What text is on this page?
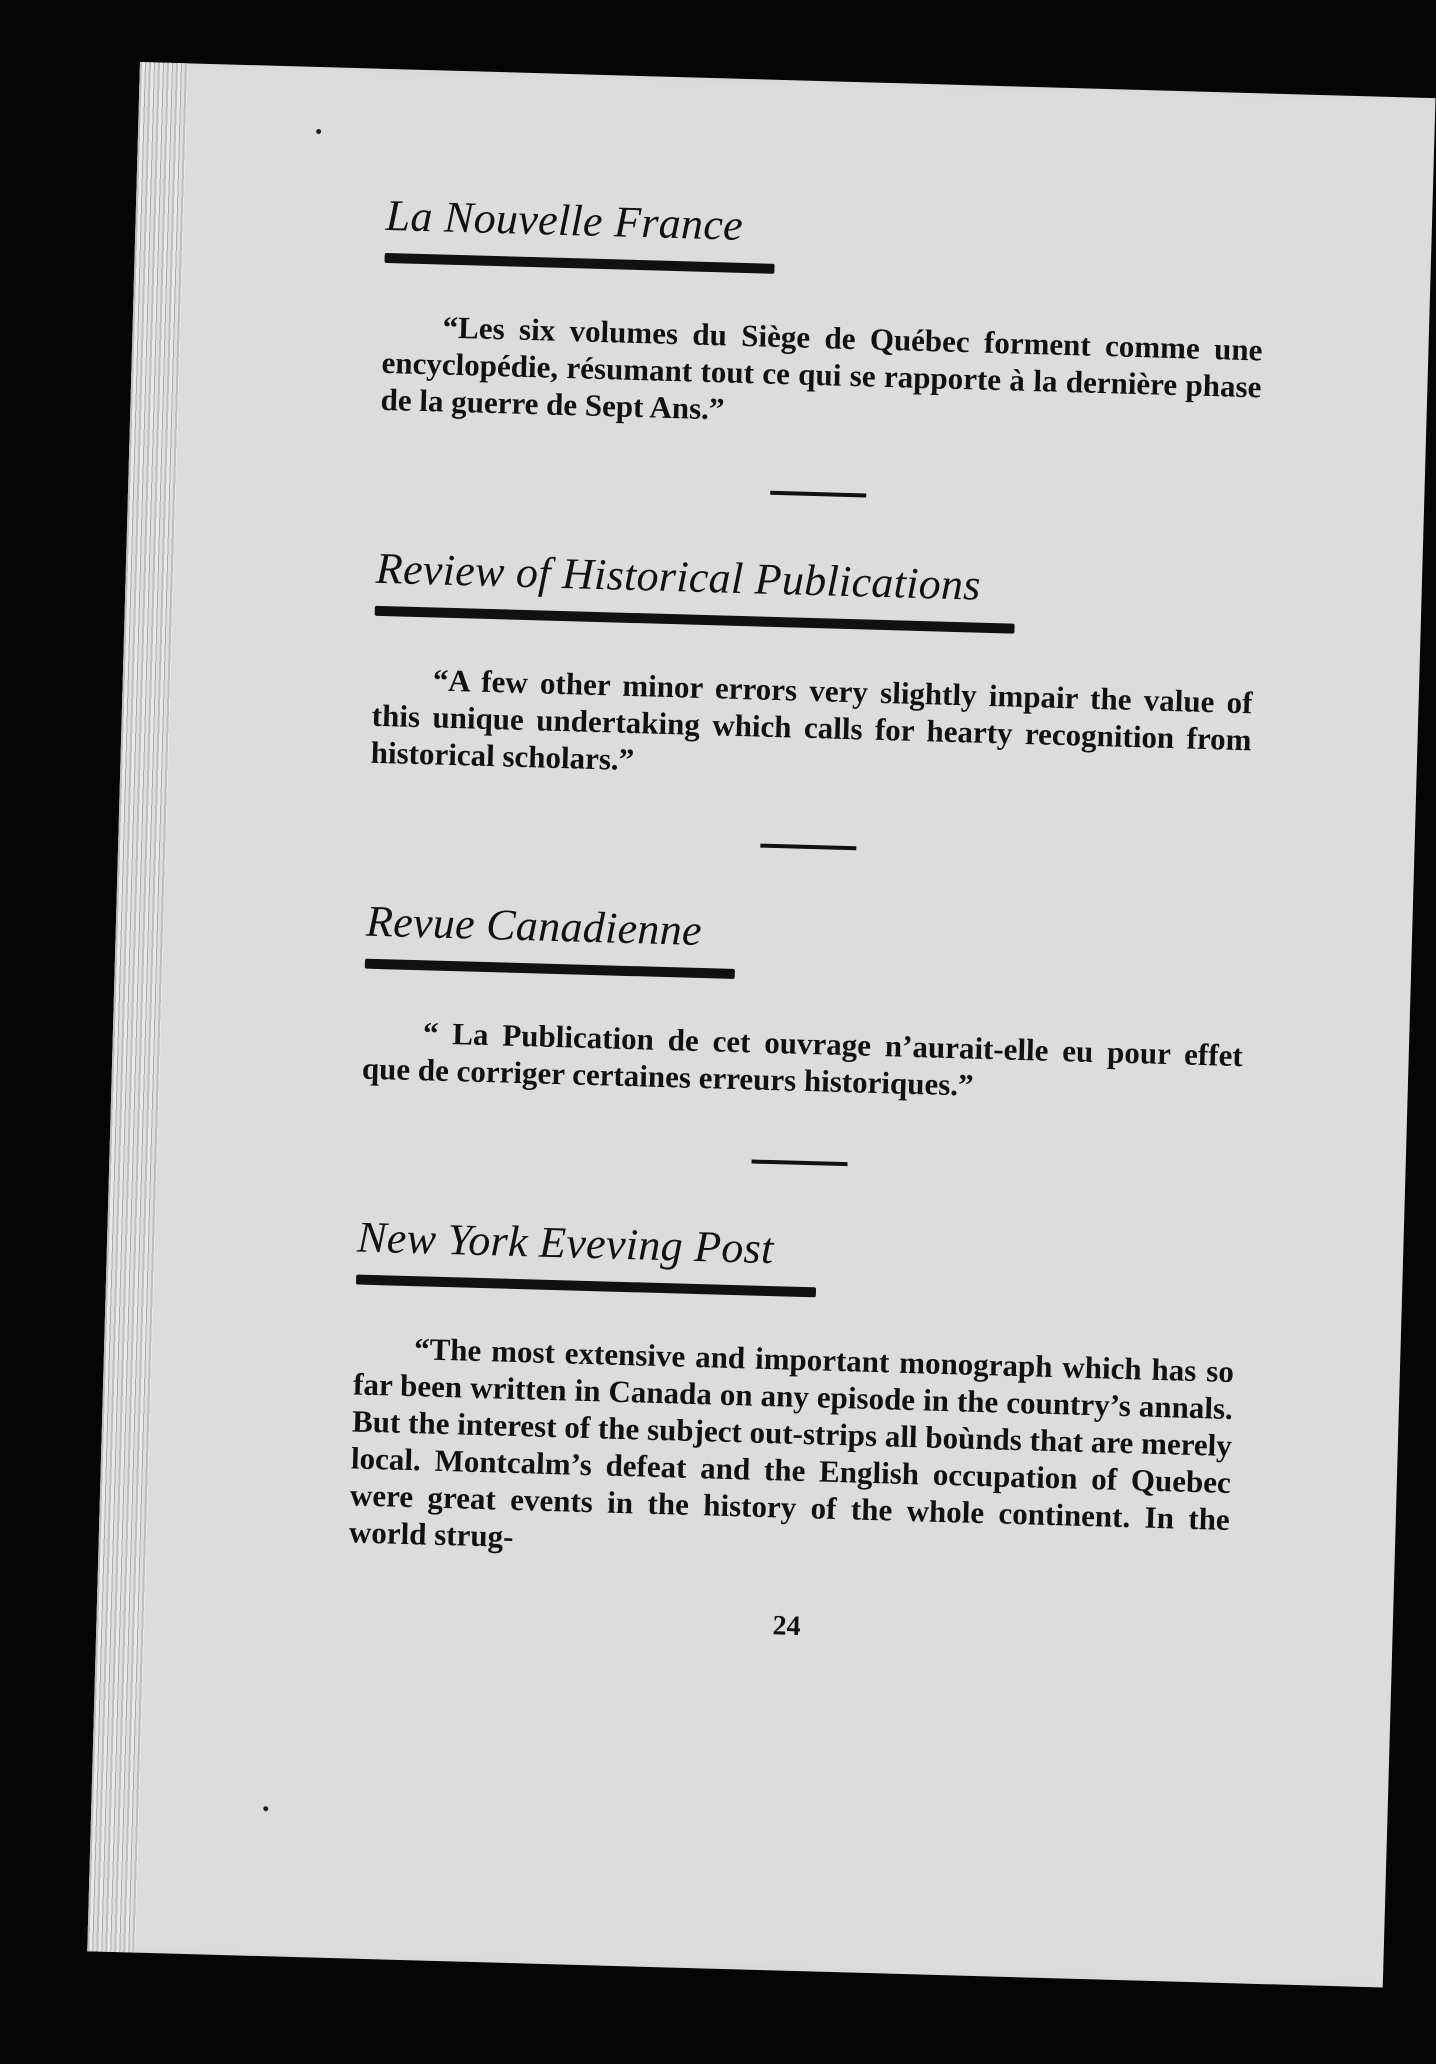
La Nouvelle France

“Les six volumes du Siège de Québec forment comme une encyclopédie, résumant tout ce qui se rapporte à la dernière phase de la guerre de Sept Ans.”

Review of Historical Publications

“A few other minor errors very slightly impair the value of this unique undertaking which calls for hearty recognition from historical scholars.”

Revue Canadienne

“ La Publication de cet ouvrage n’aurait-elle eu pour effet que de corriger certaines erreurs historiques.”

New York Eveving Post

“The most extensive and important monograph which has so far been written in Canada on any episode in the country’s annals. But the interest of the subject out-strips all boùnds that are merely local. Montcalm’s defeat and the English occupation of Quebec were great events in the history of the whole continent. In the world strug-

24
